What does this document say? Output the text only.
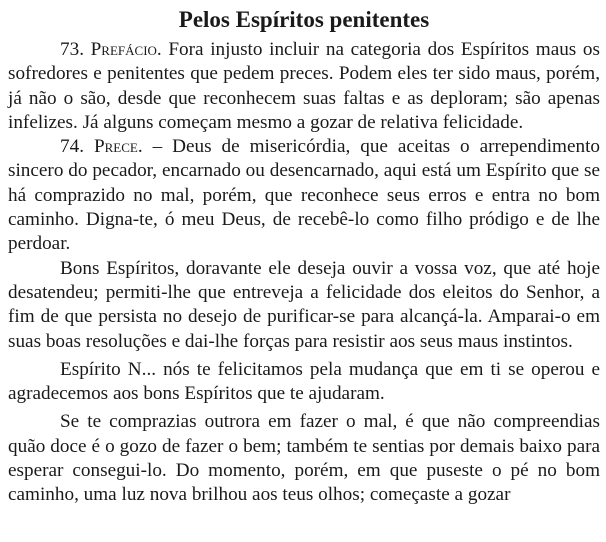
Pelos Espíritos penitentes

73. Prefácio. Fora injusto incluir na categoria dos Espíritos maus os sofredores e penitentes que pedem preces. Podem eles ter sido maus, porém, já não o são, desde que reconhecem suas faltas e as deploram; são apenas infelizes. Já alguns começam mesmo a gozar de relativa felicidade.

74. Prece. – Deus de misericórdia, que aceitas o arrependimento sincero do pecador, encarnado ou desencarnado, aqui está um Espírito que se há comprazido no mal, porém, que reconhece seus erros e entra no bom caminho. Digna-te, ó meu Deus, de recebê-lo como filho pródigo e de lhe perdoar.

Bons Espíritos, doravante ele deseja ouvir a vossa voz, que até hoje desatendeu; permiti-lhe que entreveja a felicidade dos eleitos do Senhor, a fim de que persista no desejo de purificar-se para alcançá-la. Amparai-o em suas boas resoluções e dai-lhe forças para resistir aos seus maus instintos.

Espírito N... nós te felicitamos pela mudança que em ti se operou e agradecemos aos bons Espíritos que te ajudaram.

Se te comprazias outrora em fazer o mal, é que não compreendias quão doce é o gozo de fazer o bem; também te sentias por demais baixo para esperar consegui-lo. Do momento, porém, em que puseste o pé no bom caminho, uma luz nova brilhou aos teus olhos; começaste a gozar
